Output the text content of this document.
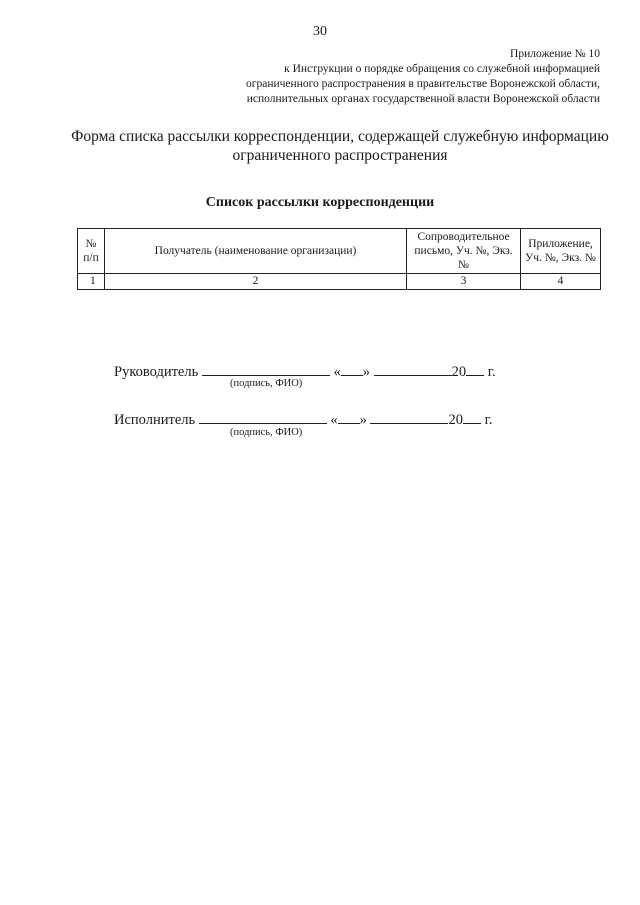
30
Приложение № 10
к Инструкции о порядке обращения со служебной информацией
ограниченного распространения в правительстве Воронежской области,
исполнительных органах государственной власти Воронежской области
Форма списка рассылки корреспонденции, содержащей служебную информацию
ограниченного распространения
Список рассылки корреспонденции
№ п/п	Получатель (наименование организации)	Сопроводительное письмо, Уч. №, Экз. №	Приложение, Уч. №, Экз. №
1	2	3	4
Руководитель	« »	20 г.
(подпись, ФИО)
Исполнитель	« »	20 г.
(подпись, ФИО)
